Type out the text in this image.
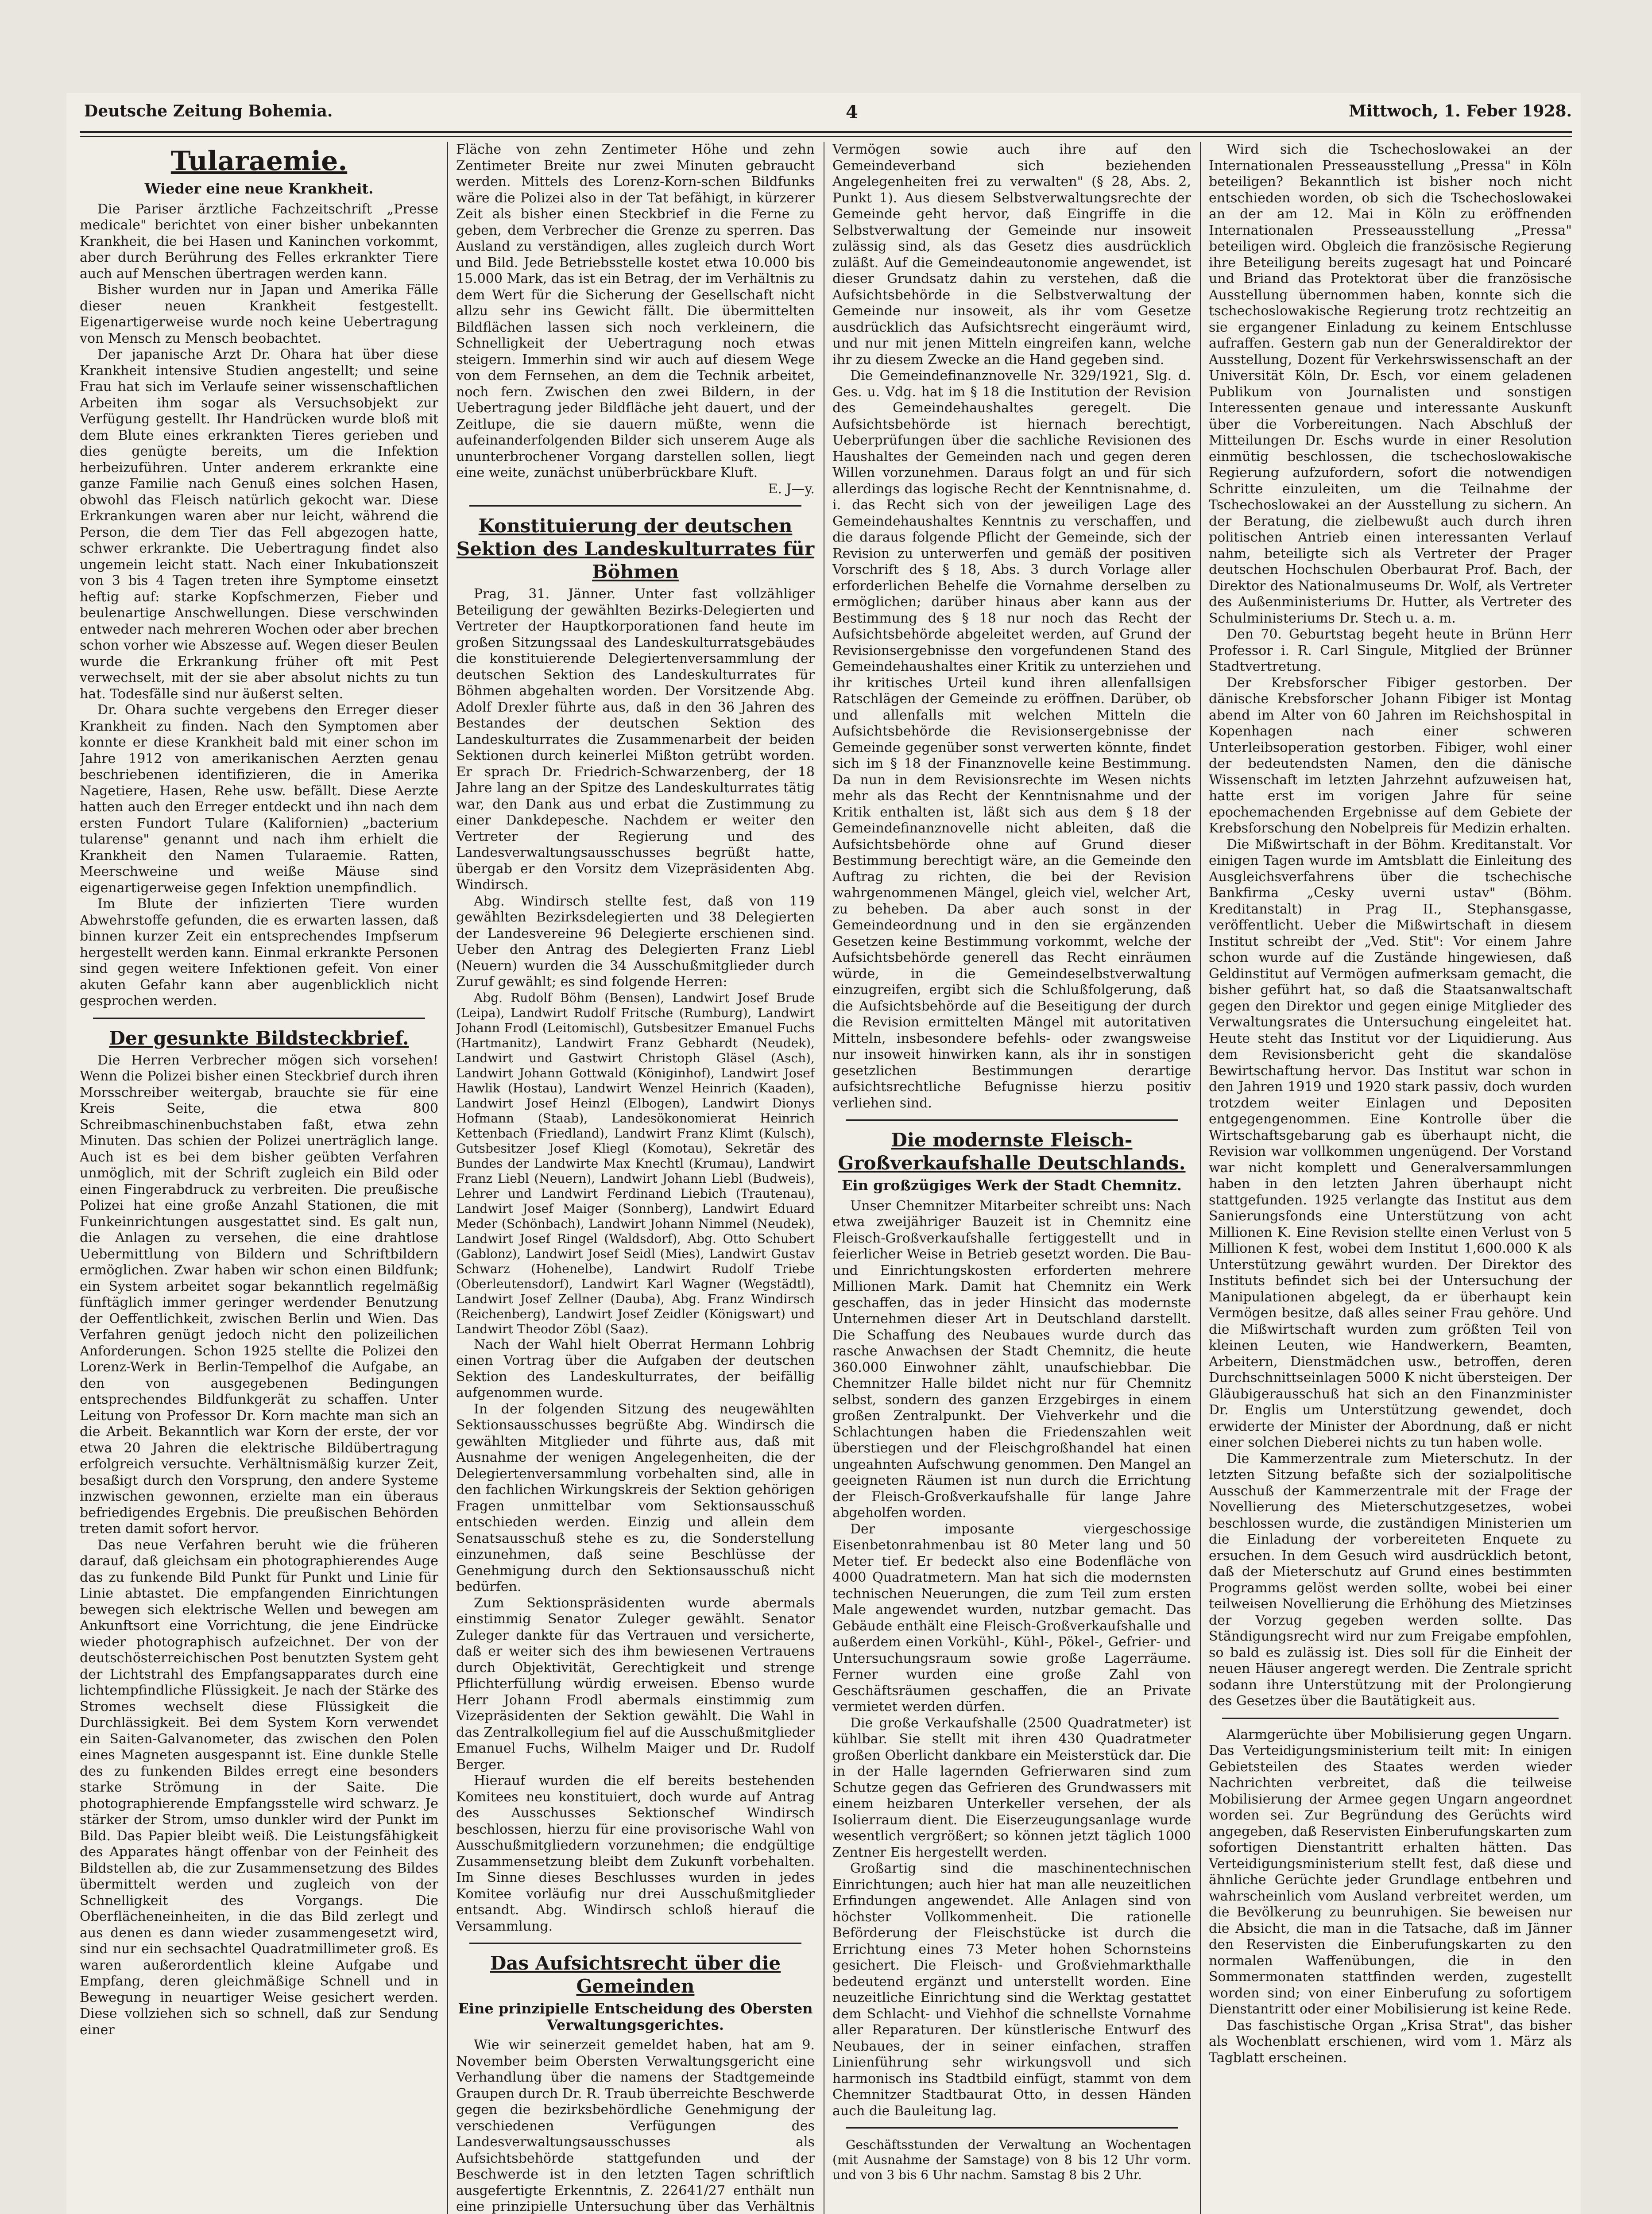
Deutsche Zeitung Bohemia.	4	Mittwoch, 1. Feber 1928.
Tularaemie.
Wieder eine neue Krankheit.

Die Pariser ärztliche Fachzeitschrift „Presse medicale" berichtet von einer bisher unbekannten Krankheit, die bei Hasen und Kaninchen vorkommt, aber durch Berührung des Felles erkrankter Tiere auch auf Menschen übertragen werden kann.

Bisher wurden nur in Japan und Amerika Fälle dieser neuen Krankheit festgestellt. Eigenartigerweise wurde noch keine Uebertragung von Mensch zu Mensch beobachtet.

Der japanische Arzt Dr. Ohara hat über diese Krankheit intensive Studien angestellt; und seine Frau hat sich im Verlaufe seiner wissenschaftlichen Arbeiten ihm sogar als Versuchsobjekt zur Verfügung gestellt. Ihr Handrücken wurde bloß mit dem Blute eines erkrankten Tieres gerieben und dies genügte bereits, um die Infektion herbeizuführen. Unter anderem erkrankte eine ganze Familie nach Genuß eines solchen Hasen, obwohl das Fleisch natürlich gekocht war. Diese Erkrankungen waren aber nur leicht, während die Person, die dem Tier das Fell abgezogen hatte, schwer erkrankte. Die Uebertragung findet also ungemein leicht statt. Nach einer Inkubationszeit von 3 bis 4 Tagen treten ihre Symptome einsetzt heftig auf: starke Kopfschmerzen, Fieber und beulenartige Anschwellungen. Diese verschwinden entweder nach mehreren Wochen oder aber brechen schon vorher wie Abszesse auf. Wegen dieser Beulen wurde die Erkrankung früher oft mit Pest verwechselt, mit der sie aber absolut nichts zu tun hat. Todesfälle sind nur äußerst selten.

Dr. Ohara suchte vergebens den Erreger dieser Krankheit zu finden. Nach den Symptomen aber konnte er diese Krankheit bald mit einer schon im Jahre 1912 von amerikanischen Aerzten genau beschriebenen identifizieren, die in Amerika Nagetiere, Hasen, Rehe usw. befällt. Diese Aerzte hatten auch den Erreger entdeckt und ihn nach dem ersten Fundort Tulare (Kalifornien) „bacterium tularense" genannt und nach ihm erhielt die Krankheit den Namen Tularaemie. Ratten, Meerschweine und weiße Mäuse sind eigenartigerweise gegen Infektion unempfindlich.

Im Blute der infizierten Tiere wurden Abwehrstoffe gefunden, die es erwarten lassen, daß binnen kurzer Zeit ein entsprechendes Impfserum hergestellt werden kann. Einmal erkrankte Personen sind gegen weitere Infektionen gefeit. Von einer akuten Gefahr kann aber augenblicklich nicht gesprochen werden.

Der gesunkte Bildsteckbrief.

Die Herren Verbrecher mögen sich vorsehen! Wenn die Polizei bisher einen Steckbrief durch ihren Morsschreiber weitergab, brauchte sie für eine Kreis Seite, die etwa 800 Schreibmaschinenbuchstaben faßt, etwa zehn Minuten. Das schien der Polizei unerträglich lange. Auch ist es bei dem bisher geübten Verfahren unmöglich, mit der Schrift zugleich ein Bild oder einen Fingerabdruck zu verbreiten. Die preußische Polizei hat eine große Anzahl Stationen, die mit Funkeinrichtungen ausgestattet sind. Es galt nun, die Anlagen zu versehen, die eine drahtlose Uebermittlung von Bildern und Schriftbildern ermöglichen. Zwar haben wir schon einen Bildfunk; ein System arbeitet sogar bekanntlich regelmäßig fünftäglich immer geringer werdender Benutzung der Oeffentlichkeit, zwischen Berlin und Wien. Das Verfahren genügt jedoch nicht den polizeilichen Anforderungen. Schon 1925 stellte die Polizei den Lorenz-Werk in Berlin-Tempelhof die Aufgabe, an den von ausgegebenen Bedingungen entsprechendes Bildfunkgerät zu schaffen. Unter Leitung von Professor Dr. Korn machte man sich an die Arbeit. Bekanntlich war Korn der erste, der vor etwa 20 Jahren die elektrische Bildübertragung erfolgreich versuchte. Verhältnismäßig kurzer Zeit, besaßigt durch den Vorsprung, den andere Systeme inzwischen gewonnen, erzielte man ein überaus befriedigendes Ergebnis. Die preußischen Behörden treten damit sofort hervor.

Das neue Verfahren beruht wie die früheren darauf, daß gleichsam ein photographierendes Auge das zu funkende Bild Punkt für Punkt und Linie für Linie abtastet. Die empfangenden Einrichtungen bewegen sich elektrische Wellen und bewegen am Ankunftsort eine Vorrichtung, die jene Eindrücke wieder photographisch aufzeichnet. Der von der deutschösterreichischen Post benutzten System geht der Lichtstrahl des Empfangsapparates durch eine lichtempfindliche Flüssigkeit. Je nach der Stärke des Stromes wechselt diese Flüssigkeit die Durchlässigkeit. Bei dem System Korn verwendet ein Saiten-Galvanometer, das zwischen den Polen eines Magneten ausgespannt ist. Eine dunkle Stelle des zu funkenden Bildes erregt eine besonders starke Strömung in der Saite. Die photographierende Empfangsstelle wird schwarz. Je stärker der Strom, umso dunkler wird der Punkt im Bild. Das Papier bleibt weiß. Die Leistungsfähigkeit des Apparates hängt offenbar von der Feinheit des Bildstellen ab, die zur Zusammensetzung des Bildes übermittelt werden und zugleich von der Schnelligkeit des Vorgangs. Die Oberflächeneinheiten, in die das Bild zerlegt und aus denen es dann wieder zusammengesetzt wird, sind nur ein sechsachtel Quadratmillimeter groß. Es waren außerordentlich kleine Aufgabe und Empfang, deren gleichmäßige Schnell und in Bewegung in neuartiger Weise gesichert werden. Diese vollziehen sich so schnell, daß zur Sendung einer

Fläche von zehn Zentimeter Höhe und zehn Zentimeter Breite nur zwei Minuten gebraucht werden. Mittels des Lorenz-Korn-schen Bildfunks wäre die Polizei also in der Tat befähigt, in kürzerer Zeit als bisher einen Steckbrief in die Ferne zu geben, dem Verbrecher die Grenze zu sperren. Das Ausland zu verständigen, alles zugleich durch Wort und Bild. Jede Betriebsstelle kostet etwa 10.000 bis 15.000 Mark, das ist ein Betrag, der im Verhältnis zu dem Wert für die Sicherung der Gesellschaft nicht allzu sehr ins Gewicht fällt. Die übermittelten Bildflächen lassen sich noch verkleinern, die Schnelligkeit der Uebertragung noch etwas steigern. Immerhin sind wir auch auf diesem Wege von dem Fernsehen, an dem die Technik arbeitet, noch fern. Zwischen den zwei Bildern, in der Uebertragung jeder Bildfläche jeht dauert, und der Zeitlupe, die sie dauern müßte, wenn die aufeinanderfolgenden Bilder sich unserem Auge als ununterbrochener Vorgang darstellen sollen, liegt eine weite, zunächst unüberbrückbare Kluft.

E. J—y.

Konstituierung der deutschen Sektion des Landeskulturrates für Böhmen

Prag, 31. Jänner. Unter fast vollzähliger Beteiligung der gewählten Bezirks-Delegierten und Vertreter der Hauptkorporationen fand heute im großen Sitzungssaal des Landeskulturratsgebäudes die konstituierende Delegiertenversammlung der deutschen Sektion des Landeskulturrates für Böhmen abgehalten worden. Der Vorsitzende Abg. Adolf Drexler führte aus, daß in den 36 Jahren des Bestandes der deutschen Sektion des Landeskulturrates die Zusammenarbeit der beiden Sektionen durch keinerlei Mißton getrübt worden. Er sprach Dr. Friedrich-Schwarzenberg, der 18 Jahre lang an der Spitze des Landeskulturrates tätig war, den Dank aus und erbat die Zustimmung zu einer Dankdepesche. Nachdem er weiter den Vertreter der Regierung und des Landesverwaltungsausschusses begrüßt hatte, übergab er den Vorsitz dem Vizepräsidenten Abg. Windirsch.

Abg. Windirsch stellte fest, daß von 119 gewählten Bezirksdelegierten und 38 Delegierten der Landesvereine 96 Delegierte erschienen sind. Ueber den Antrag des Delegierten Franz Liebl (Neuern) wurden die 34 Ausschußmitglieder durch Zuruf gewählt; es sind folgende Herren:

Abg. Rudolf Böhm (Bensen), Landwirt Josef Brude (Leipa), Landwirt Rudolf Fritsche (Rumburg), Landwirt Johann Frodl (Leitomischl), Gutsbesitzer Emanuel Fuchs (Hartmanitz), Landwirt Franz Gebhardt (Neudek), Landwirt und Gastwirt Christoph Gläsel (Asch), Landwirt Johann Gottwald (Königinhof), Landwirt Josef Hawlik (Hostau), Landwirt Wenzel Heinrich (Kaaden), Landwirt Josef Heinzl (Elbogen), Landwirt Dionys Hofmann (Staab), Landesökonomierat Heinrich Kettenbach (Friedland), Landwirt Franz Klimt (Kulsch), Gutsbesitzer Josef Kliegl (Komotau), Sekretär des Bundes der Landwirte Max Knechtl (Krumau), Landwirt Franz Liebl (Neuern), Landwirt Johann Liebl (Budweis), Lehrer und Landwirt Ferdinand Liebich (Trautenau), Landwirt Josef Maiger (Sonnberg), Landwirt Eduard Meder (Schönbach), Landwirt Johann Nimmel (Neudek), Landwirt Josef Ringel (Waldsdorf), Abg. Otto Schubert (Gablonz), Landwirt Josef Seidl (Mies), Landwirt Gustav Schwarz (Hohenelbe), Landwirt Rudolf Triebe (Oberleutensdorf), Landwirt Karl Wagner (Wegstädtl), Landwirt Josef Zellner (Dauba), Abg. Franz Windirsch (Reichenberg), Landwirt Josef Zeidler (Königswart) und Landwirt Theodor Zöbl (Saaz).

Nach der Wahl hielt Oberrat Hermann Lohbrig einen Vortrag über die Aufgaben der deutschen Sektion des Landeskulturrates, der beifällig aufgenommen wurde.

In der folgenden Sitzung des neugewählten Sektionsausschusses begrüßte Abg. Windirsch die gewählten Mitglieder und führte aus, daß mit Ausnahme der wenigen Angelegenheiten, die der Delegiertenversammlung vorbehalten sind, alle in den fachlichen Wirkungskreis der Sektion gehörigen Fragen unmittelbar vom Sektionsausschuß entschieden werden. Einzig und allein dem Senatsausschuß stehe es zu, die Sonderstellung einzunehmen, daß seine Beschlüsse der Genehmigung durch den Sektionsausschuß nicht bedürfen.

Zum Sektionspräsidenten wurde abermals einstimmig Senator Zuleger gewählt. Senator Zuleger dankte für das Vertrauen und versicherte, daß er weiter sich des ihm bewiesenen Vertrauens durch Objektivität, Gerechtigkeit und strenge Pflichterfüllung würdig erweisen. Ebenso wurde Herr Johann Frodl abermals einstimmig zum Vizepräsidenten der Sektion gewählt. Die Wahl in das Zentralkollegium fiel auf die Ausschußmitglieder Emanuel Fuchs, Wilhelm Maiger und Dr. Rudolf Berger.

Hierauf wurden die elf bereits bestehenden Komitees neu konstituiert, doch wurde auf Antrag des Ausschusses Sektionschef Windirsch beschlossen, hierzu für eine provisorische Wahl von Ausschußmitgliedern vorzunehmen; die endgültige Zusammensetzung bleibt dem Zukunft vorbehalten. Im Sinne dieses Beschlusses wurden in jedes Komitee vorläufig nur drei Ausschußmitglieder entsandt. Abg. Windirsch schloß hierauf die Versammlung.

Das Aufsichtsrecht über die Gemeinden
Eine prinzipielle Entscheidung des Obersten Verwaltungsgerichtes.

Wie wir seinerzeit gemeldet haben, hat am 9. November beim Obersten Verwaltungsgericht eine Verhandlung über die namens der Stadtgemeinde Graupen durch Dr. R. Traub überreichte Beschwerde gegen die bezirksbehördliche Genehmigung der verschiedenen Verfügungen des Landesverwaltungsausschusses als Aufsichtsbehörde stattgefunden und der Beschwerde ist in den letzten Tagen schriftlich ausgefertigte Erkenntnis, Z. 22641/27 enthält nun eine prinzipielle Untersuchung über das Verhältnis

Vermögen sowie auch ihre auf den Gemeindeverband sich beziehenden Angelegenheiten frei zu verwalten" (§ 28, Abs. 2, Punkt 1). Aus diesem Selbstverwaltungsrechte der Gemeinde geht hervor, daß Eingriffe in die Selbstverwaltung der Gemeinde nur insoweit zulässig sind, als das Gesetz dies ausdrücklich zuläßt. Auf die Gemeindeautonomie angewendet, ist dieser Grundsatz dahin zu verstehen, daß die Aufsichtsbehörde in die Selbstverwaltung der Gemeinde nur insoweit, als ihr vom Gesetze ausdrücklich das Aufsichtsrecht eingeräumt wird, und nur mit jenen Mitteln eingreifen kann, welche ihr zu diesem Zwecke an die Hand gegeben sind.

Die Gemeindefinanznovelle Nr. 329/1921, Slg. d. Ges. u. Vdg. hat im § 18 die Institution der Revision des Gemeindehaushaltes geregelt. Die Aufsichtsbehörde ist hiernach berechtigt, Ueberprüfungen über die sachliche Revisionen des Haushaltes der Gemeinden nach und gegen deren Willen vorzunehmen. Daraus folgt an und für sich allerdings das logische Recht der Kenntnisnahme, d. i. das Recht sich von der jeweiligen Lage des Gemeindehaushaltes Kenntnis zu verschaffen, und die daraus folgende Pflicht der Gemeinde, sich der Revision zu unterwerfen und gemäß der positiven Vorschrift des § 18, Abs. 3 durch Vorlage aller erforderlichen Behelfe die Vornahme derselben zu ermöglichen; darüber hinaus aber kann aus der Bestimmung des § 18 nur noch das Recht der Aufsichtsbehörde abgeleitet werden, auf Grund der Revisionsergebnisse den vorgefundenen Stand des Gemeindehaushaltes einer Kritik zu unterziehen und ihr kritisches Urteil kund ihren allenfallsigen Ratschlägen der Gemeinde zu eröffnen. Darüber, ob und allenfalls mit welchen Mitteln die Aufsichtsbehörde die Revisionsergebnisse der Gemeinde gegenüber sonst verwerten könnte, findet sich im § 18 der Finanznovelle keine Bestimmung. Da nun in dem Revisionsrechte im Wesen nichts mehr als das Recht der Kenntnisnahme und der Kritik enthalten ist, läßt sich aus dem § 18 der Gemeindefinanznovelle nicht ableiten, daß die Aufsichtsbehörde ohne auf Grund dieser Bestimmung berechtigt wäre, an die Gemeinde den Auftrag zu richten, die bei der Revision wahrgenommenen Mängel, gleich viel, welcher Art, zu beheben. Da aber auch sonst in der Gemeindeordnung und in den sie ergänzenden Gesetzen keine Bestimmung vorkommt, welche der Aufsichtsbehörde generell das Recht einräumen würde, in die Gemeindeselbstverwaltung einzugreifen, ergibt sich die Schlußfolgerung, daß die Aufsichtsbehörde auf die Beseitigung der durch die Revision ermittelten Mängel mit autoritativen Mitteln, insbesondere befehls- oder zwangsweise nur insoweit hinwirken kann, als ihr in sonstigen gesetzlichen Bestimmungen derartige aufsichtsrechtliche Befugnisse hierzu positiv verliehen sind.

Die modernste Fleisch-Großverkaufshalle Deutschlands.
Ein großzügiges Werk der Stadt Chemnitz.

Unser Chemnitzer Mitarbeiter schreibt uns: Nach etwa zweijähriger Bauzeit ist in Chemnitz eine Fleisch-Großverkaufshalle fertiggestellt und in feierlicher Weise in Betrieb gesetzt worden. Die Bau- und Einrichtungskosten erforderten mehrere Millionen Mark. Damit hat Chemnitz ein Werk geschaffen, das in jeder Hinsicht das modernste Unternehmen dieser Art in Deutschland darstellt. Die Schaffung des Neubaues wurde durch das rasche Anwachsen der Stadt Chemnitz, die heute 360.000 Einwohner zählt, unaufschiebbar. Die Chemnitzer Halle bildet nicht nur für Chemnitz selbst, sondern des ganzen Erzgebirges in einem großen Zentralpunkt. Der Viehverkehr und die Schlachtungen haben die Friedenszahlen weit überstiegen und der Fleischgroßhandel hat einen ungeahnten Aufschwung genommen. Den Mangel an geeigneten Räumen ist nun durch die Errichtung der Fleisch-Großverkaufshalle für lange Jahre abgeholfen worden.

Der imposante viergeschossige Eisenbetonrahmenbau ist 80 Meter lang und 50 Meter tief. Er bedeckt also eine Bodenfläche von 4000 Quadratmetern. Man hat sich die modernsten technischen Neuerungen, die zum Teil zum ersten Male angewendet wurden, nutzbar gemacht. Das Gebäude enthält eine Fleisch-Großverkaufshalle und außerdem einen Vorkühl-, Kühl-, Pökel-, Gefrier- und Untersuchungsraum sowie große Lagerräume. Ferner wurden eine große Zahl von Geschäftsräumen geschaffen, die an Private vermietet werden dürfen.

Die große Verkaufshalle (2500 Quadratmeter) ist kühlbar. Sie stellt mit ihren 430 Quadratmeter großen Oberlicht dankbare ein Meisterstück dar. Die in der Halle lagernden Gefrierwaren sind zum Schutze gegen das Gefrieren des Grundwassers mit einem heizbaren Unterkeller versehen, der als Isolierraum dient. Die Eiserzeugungsanlage wurde wesentlich vergrößert; so können jetzt täglich 1000 Zentner Eis hergestellt werden.

Großartig sind die maschinentechnischen Einrichtungen; auch hier hat man alle neuzeitlichen Erfindungen angewendet. Alle Anlagen sind von höchster Vollkommenheit. Die rationelle Beförderung der Fleischstücke ist durch die Errichtung eines 73 Meter hohen Schornsteins gesichert. Die Fleisch- und Großviehmarkthalle bedeutend ergänzt und unterstellt worden. Eine neuzeitliche Einrichtung sind die Werktag gestattet dem Schlacht- und Viehhof die schnellste Vornahme aller Reparaturen. Der künstlerische Entwurf des Neubaues, der in seiner einfachen, straffen Linienführung sehr wirkungsvoll und sich harmonisch ins Stadtbild einfügt, stammt von dem Chemnitzer Stadtbaurat Otto, in dessen Händen auch die Bauleitung lag.

Geschäftsstunden der Verwaltung an Wochentagen (mit Ausnahme der Samstage) von 8 bis 12 Uhr vorm. und von 3 bis 6 Uhr nachm. Samstag 8 bis 2 Uhr.

Wird sich die Tschechoslowakei an der Internationalen Presseausstellung „Pressa" in Köln beteiligen? Bekanntlich ist bisher noch nicht entschieden worden, ob sich die Tschechoslowakei an der am 12. Mai in Köln zu eröffnenden Internationalen Presseausstellung „Pressa" beteiligen wird. Obgleich die französische Regierung ihre Beteiligung bereits zugesagt hat und Poincaré und Briand das Protektorat über die französische Ausstellung übernommen haben, konnte sich die tschechoslowakische Regierung trotz rechtzeitig an sie ergangener Einladung zu keinem Entschlusse aufraffen. Gestern gab nun der Generaldirektor der Ausstellung, Dozent für Verkehrswissenschaft an der Universität Köln, Dr. Esch, vor einem geladenen Publikum von Journalisten und sonstigen Interessenten genaue und interessante Auskunft über die Vorbereitungen. Nach Abschluß der Mitteilungen Dr. Eschs wurde in einer Resolution einmütig beschlossen, die tschechoslowakische Regierung aufzufordern, sofort die notwendigen Schritte einzuleiten, um die Teilnahme der Tschechoslowakei an der Ausstellung zu sichern. An der Beratung, die zielbewußt auch durch ihren politischen Antrieb einen interessanten Verlauf nahm, beteiligte sich als Vertreter der Prager deutschen Hochschulen Oberbaurat Prof. Bach, der Direktor des Nationalmuseums Dr. Wolf, als Vertreter des Außenministeriums Dr. Hutter, als Vertreter des Schulministeriums Dr. Stech u. a. m.

Den 70. Geburtstag begeht heute in Brünn Herr Professor i. R. Carl Singule, Mitglied der Brünner Stadtvertretung.

Der Krebsforscher Fibiger gestorben. Der dänische Krebsforscher Johann Fibiger ist Montag abend im Alter von 60 Jahren im Reichshospital in Kopenhagen nach einer schweren Unterleibsoperation gestorben. Fibiger, wohl einer der bedeutendsten Namen, den die dänische Wissenschaft im letzten Jahrzehnt aufzuweisen hat, hatte erst im vorigen Jahre für seine epochemachenden Ergebnisse auf dem Gebiete der Krebsforschung den Nobelpreis für Medizin erhalten.

Die Mißwirtschaft in der Böhm. Kreditanstalt. Vor einigen Tagen wurde im Amtsblatt die Einleitung des Ausgleichsverfahrens über die tschechische Bankfirma „Cesky uverni ustav" (Böhm. Kreditanstalt) in Prag II., Stephansgasse, veröffentlicht. Ueber die Mißwirtschaft in diesem Institut schreibt der „Ved. Stit": Vor einem Jahre schon wurde auf die Zustände hingewiesen, daß Geldinstitut auf Vermögen aufmerksam gemacht, die bisher geführt hat, so daß die Staatsanwaltschaft gegen den Direktor und gegen einige Mitglieder des Verwaltungsrates die Untersuchung eingeleitet hat. Heute steht das Institut vor der Liquidierung. Aus dem Revisionsbericht geht die skandalöse Bewirtschaftung hervor. Das Institut war schon in den Jahren 1919 und 1920 stark passiv, doch wurden trotzdem weiter Einlagen und Depositen entgegengenommen. Eine Kontrolle über die Wirtschaftsgebarung gab es überhaupt nicht, die Revision war vollkommen ungenügend. Der Vorstand war nicht komplett und Generalversammlungen haben in den letzten Jahren überhaupt nicht stattgefunden. 1925 verlangte das Institut aus dem Sanierungsfonds eine Unterstützung von acht Millionen K. Eine Revision stellte einen Verlust von 5 Millionen K fest, wobei dem Institut 1,600.000 K als Unterstützung gewährt wurden. Der Direktor des Instituts befindet sich bei der Untersuchung der Manipulationen abgelegt, da er überhaupt kein Vermögen besitze, daß alles seiner Frau gehöre. Und die Mißwirtschaft wurden zum größten Teil von kleinen Leuten, wie Handwerkern, Beamten, Arbeitern, Dienstmädchen usw., betroffen, deren Durchschnittseinlagen 5000 K nicht übersteigen. Der Gläubigerausschuß hat sich an den Finanzminister Dr. Englis um Unterstützung gewendet, doch erwiderte der Minister der Abordnung, daß er nicht einer solchen Dieberei nichts zu tun haben wolle.

Die Kammerzentrale zum Mieterschutz. In der letzten Sitzung befaßte sich der sozialpolitische Ausschuß der Kammerzentrale mit der Frage der Novellierung des Mieterschutzgesetzes, wobei beschlossen wurde, die zuständigen Ministerien um die Einladung der vorbereiteten Enquete zu ersuchen. In dem Gesuch wird ausdrücklich betont, daß der Mieterschutz auf Grund eines bestimmten Programms gelöst werden sollte, wobei bei einer teilweisen Novellierung die Erhöhung des Mietzinses der Vorzug gegeben werden sollte. Das Ständigungsrecht wird nur zum Freigabe empfohlen, so bald es zulässig ist. Dies soll für die Einheit der neuen Häuser angeregt werden. Die Zentrale spricht sodann ihre Unterstützung mit der Prolongierung des Gesetzes über die Bautätigkeit aus.

Alarmgerüchte über Mobilisierung gegen Ungarn. Das Verteidigungsministerium teilt mit: In einigen Gebietsteilen des Staates werden wieder Nachrichten verbreitet, daß die teilweise Mobilisierung der Armee gegen Ungarn angeordnet worden sei. Zur Begründung des Gerüchts wird angegeben, daß Reservisten Einberufungskarten zum sofortigen Dienstantritt erhalten hätten. Das Verteidigungsministerium stellt fest, daß diese und ähnliche Gerüchte jeder Grundlage entbehren und wahrscheinlich vom Ausland verbreitet werden, um die Bevölkerung zu beunruhigen. Sie beweisen nur die Absicht, die man in die Tatsache, daß im Jänner den Reservisten die Einberufungskarten zu den normalen Waffenübungen, die in den Sommermonaten stattfinden werden, zugestellt worden sind; von einer Einberufung zu sofortigem Dienstantritt oder einer Mobilisierung ist keine Rede.

Das faschistische Organ „Krisa Strat", das bisher als Wochenblatt erschienen, wird vom 1. März als Tagblatt erscheinen.
